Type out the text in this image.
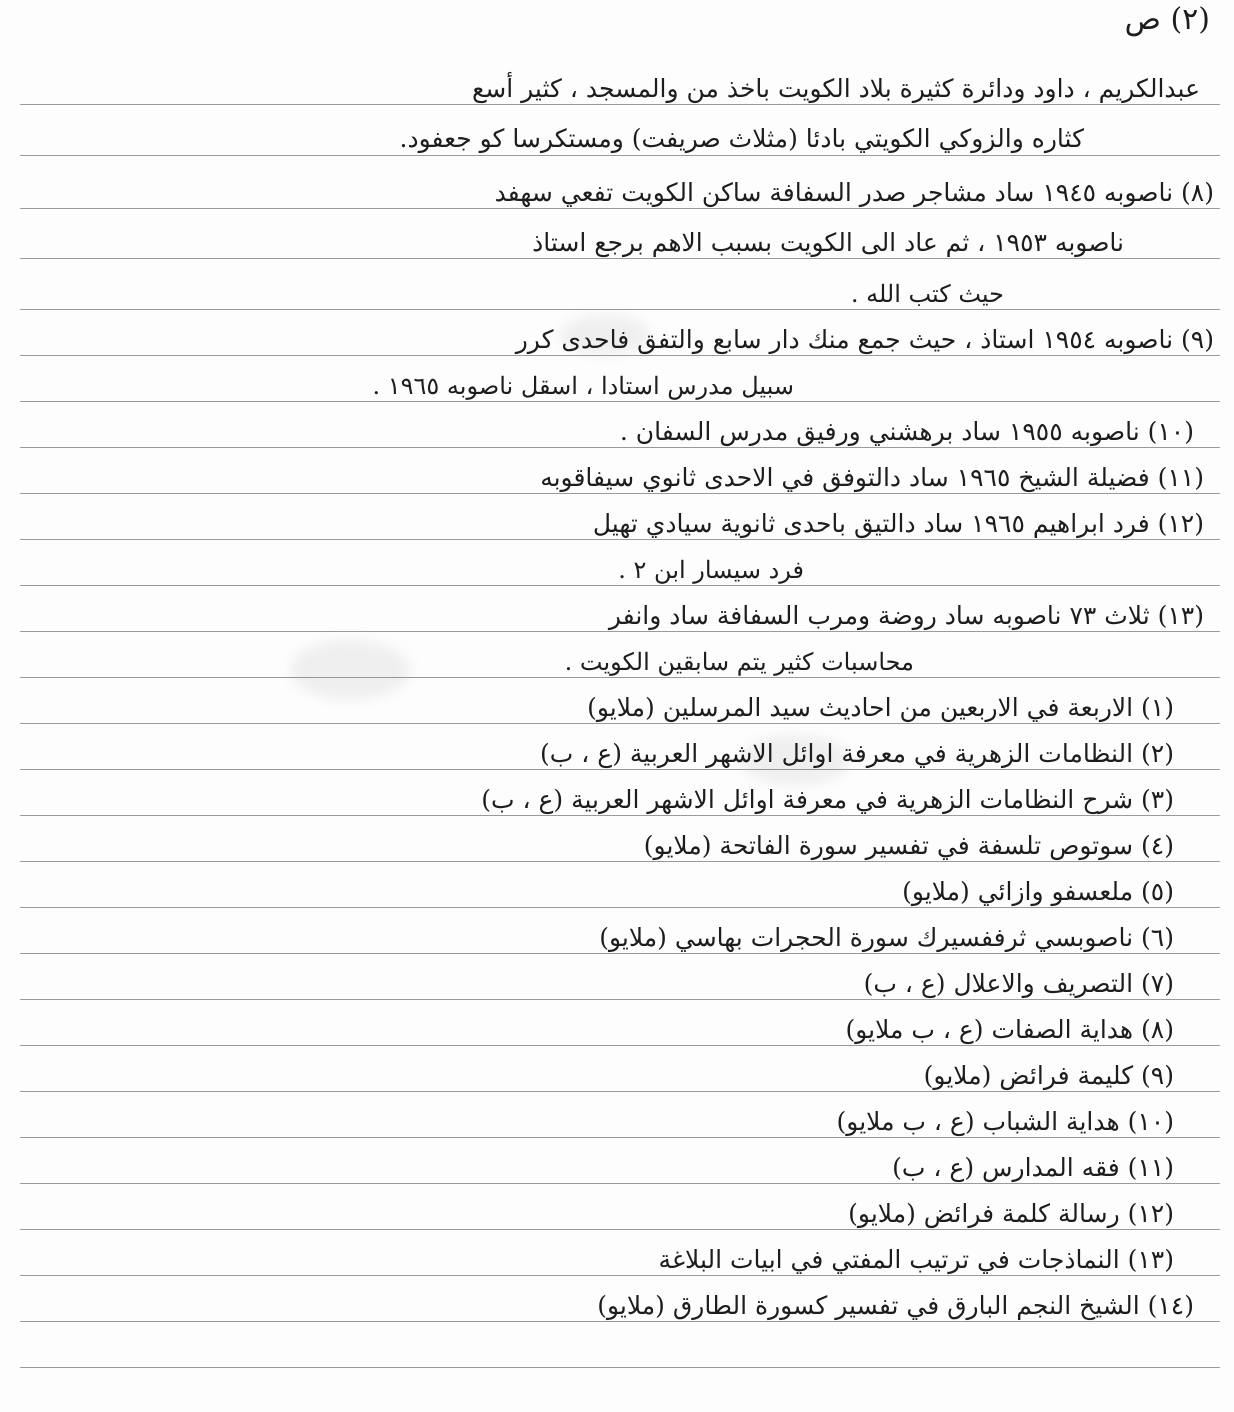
(٢) ص
عبدالكريم ، داود ودائرة كثيرة بلاد الكويت باخذ من والمسجد ، كثير أسع
كثاره والزوكي الكويتي بادئا (مثلاث صريفت) ومستكرسا كو جعفود.
(٨) ناصوبه ١٩٤٥ ساد مشاجر صدر السفافة ساكن الكويت تفعي سهفد
ناصوبه ١٩٥٣ ، ثم عاد الى الكويت بسبب الاهم برجع استاذ
حيث كتب الله .
(٩) ناصوبه ١٩٥٤ استاذ ، حيث جمع منك دار سابع والتفق فاحدى كرر
سبيل مدرس استادا ، اسقل ناصوبه ١٩٦٥ .
(١٠) ناصوبه ١٩٥٥ ساد برهشني ورفيق مدرس السفان .
(١١) فضيلة الشيخ ١٩٦٥ ساد دالتوفق في الاحدى ثانوي سيفاقوبه
(١٢) فرد ابراهيم ١٩٦٥ ساد دالتيق باحدى ثانوية سيادي تهيل
فرد سيسار ابن ٢ .
(١٣) ثلاث ٧٣ ناصوبه ساد روضة ومرب السفافة ساد وانفر
محاسبات كثير يتم سابقين الكويت .
(١) الاربعة في الاربعين من احاديث سيد المرسلين (ملايو)
(٢) النظامات الزهرية في معرفة اوائل الاشهر العربية (ع ، ب)
(٣) شرح النظامات الزهرية في معرفة اوائل الاشهر العربية (ع ، ب)
(٤) سوتوص تلسفة في تفسير سورة الفاتحة (ملايو)
(٥) ملعسفو وازائي (ملايو)
(٦) ناصوبسي ثرففسيرك سورة الحجرات بهاسي (ملايو)
(٧) التصريف والاعلال (ع ، ب)
(٨) هداية الصفات (ع ، ب ملايو)
(٩) كليمة فرائض (ملايو)
(١٠) هداية الشباب (ع ، ب ملايو)
(١١) فقه المدارس (ع ، ب)
(١٢) رسالة كلمة فرائض (ملايو)
(١٣) النماذجات في ترتيب المفتي في ابيات البلاغة
(١٤) الشيخ النجم البارق في تفسير كسورة الطارق (ملايو)
